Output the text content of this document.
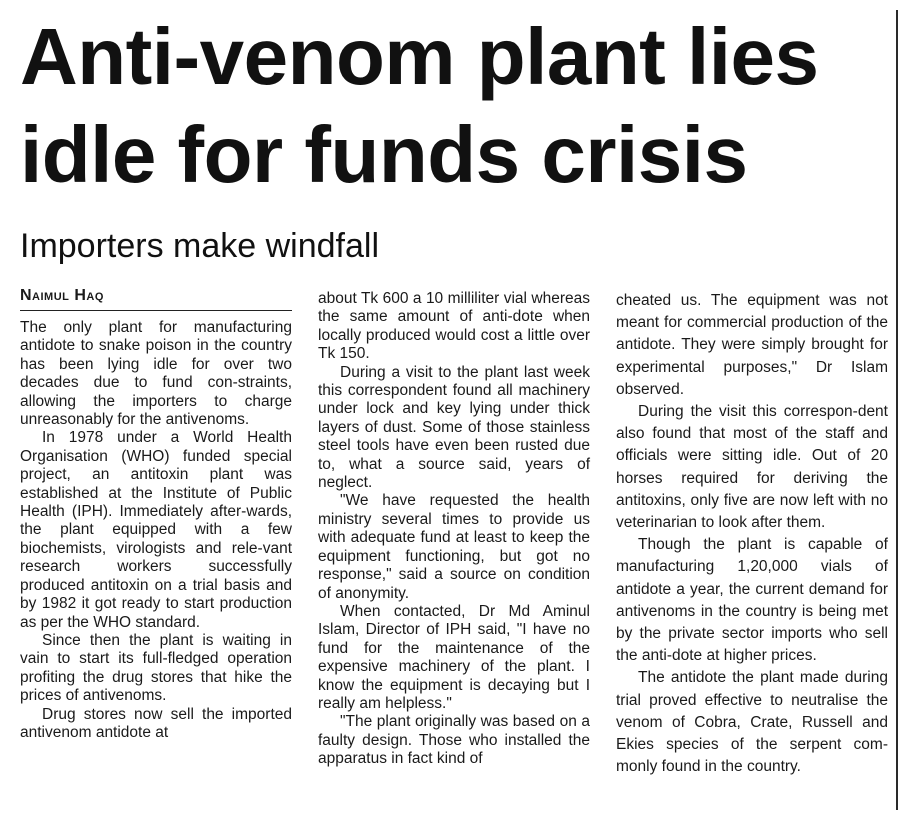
Anti-venom plant lies idle for funds crisis
Importers make windfall
Naimul Haq

The only plant for manufacturing antidote to snake poison in the country has been lying idle for over two decades due to fund con-straints, allowing the importers to charge unreasonably for the antivenoms.

In 1978 under a World Health Organisation (WHO) funded special project, an antitoxin plant was established at the Institute of Public Health (IPH). Immediately after-wards, the plant equipped with a few biochemists, virologists and rele-vant research workers successfully produced antitoxin on a trial basis and by 1982 it got ready to start production as per the WHO standard.

Since then the plant is waiting in vain to start its full-fledged operation profiting the drug stores that hike the prices of antivenoms.

Drug stores now sell the imported antivenom antidote at

about Tk 600 a 10 milliliter vial whereas the same amount of anti-dote when locally produced would cost a little over Tk 150.

During a visit to the plant last week this correspondent found all machinery under lock and key lying under thick layers of dust. Some of those stainless steel tools have even been rusted due to, what a source said, years of neglect.

"We have requested the health ministry several times to provide us with adequate fund at least to keep the equipment functioning, but got no response," said a source on condition of anonymity.

When contacted, Dr Md Aminul Islam, Director of IPH said, "I have no fund for the maintenance of the expensive machinery of the plant. I know the equipment is decaying but I really am helpless."

"The plant originally was based on a faulty design. Those who installed the apparatus in fact kind of

cheated us. The equipment was not meant for commercial production of the antidote. They were simply brought for experimental purposes," Dr Islam observed.

During the visit this correspon-dent also found that most of the staff and officials were sitting idle. Out of 20 horses required for deriving the antitoxins, only five are now left with no veterinarian to look after them.

Though the plant is capable of manufacturing 1,20,000 vials of antidote a year, the current demand for antivenoms in the country is being met by the private sector imports who sell the anti-dote at higher prices.

The antidote the plant made during trial proved effective to neutralise the venom of Cobra, Crate, Russell and Ekies species of the serpent com-monly found in the country.
